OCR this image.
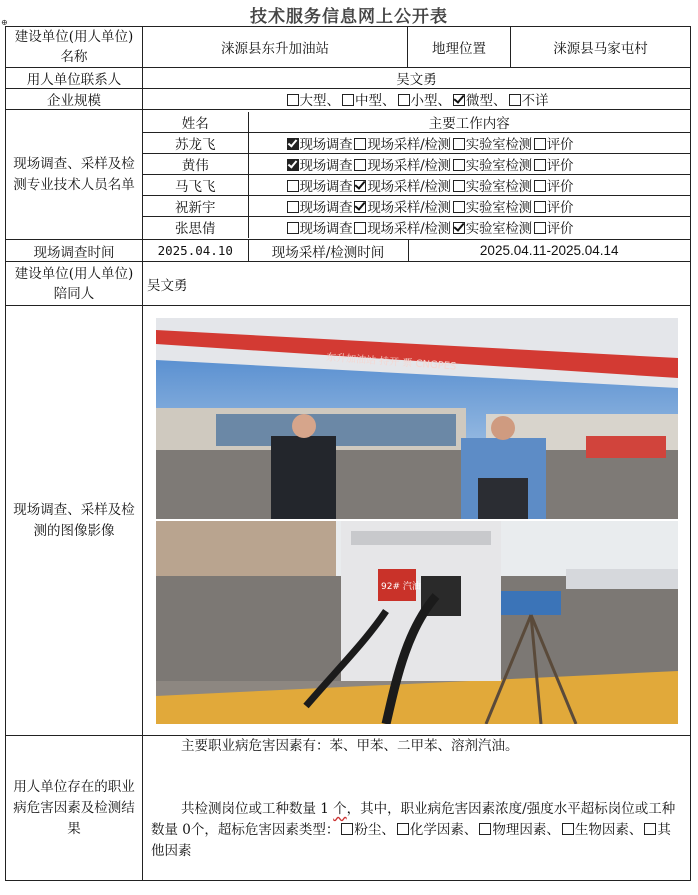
技术服务信息网上公开表
⊕
建设单位(用人单位)名称	涞源县东升加油站	地理位置	涞源县马家屯村
用人单位联系人	吴文勇
企业规模	大型、 中型、 小型、 微型、 不详
现场调查、采样及检测专业技术人员名单	
姓名	主要工作内容
苏龙飞	现场调查 现场采样/检测 实验室检测 评价
黄伟	现场调查 现场采样/检测 实验室检测 评价
马飞飞	现场调查 现场采样/检测 实验室检测 评价
祝新宇	现场调查 现场采样/检测 实验室检测 评价
张思倩	现场调查 现场采样/检测 实验室检测 评价

现场调查时间		2025.04.10	现场采样/检测时间	2025.04.11-2025.04.14

建设单位(用人单位)陪同人	吴文勇
现场调查、采样及检测的图像影像	
东升加油站 持开 票 CNGPES
92# 汽油

用人单位存在的职业病危害因素及检测结果	

主要职业病危害因素有：苯、甲苯、二甲苯、溶剂汽油。

共检测岗位或工种数量 1 个，其中，职业病危害因素浓度/强度水平超标岗位或工种数量 0个，超标危害因素类型： 粉尘、 化学因素、 物理因素、 生物因素、 其他因素
